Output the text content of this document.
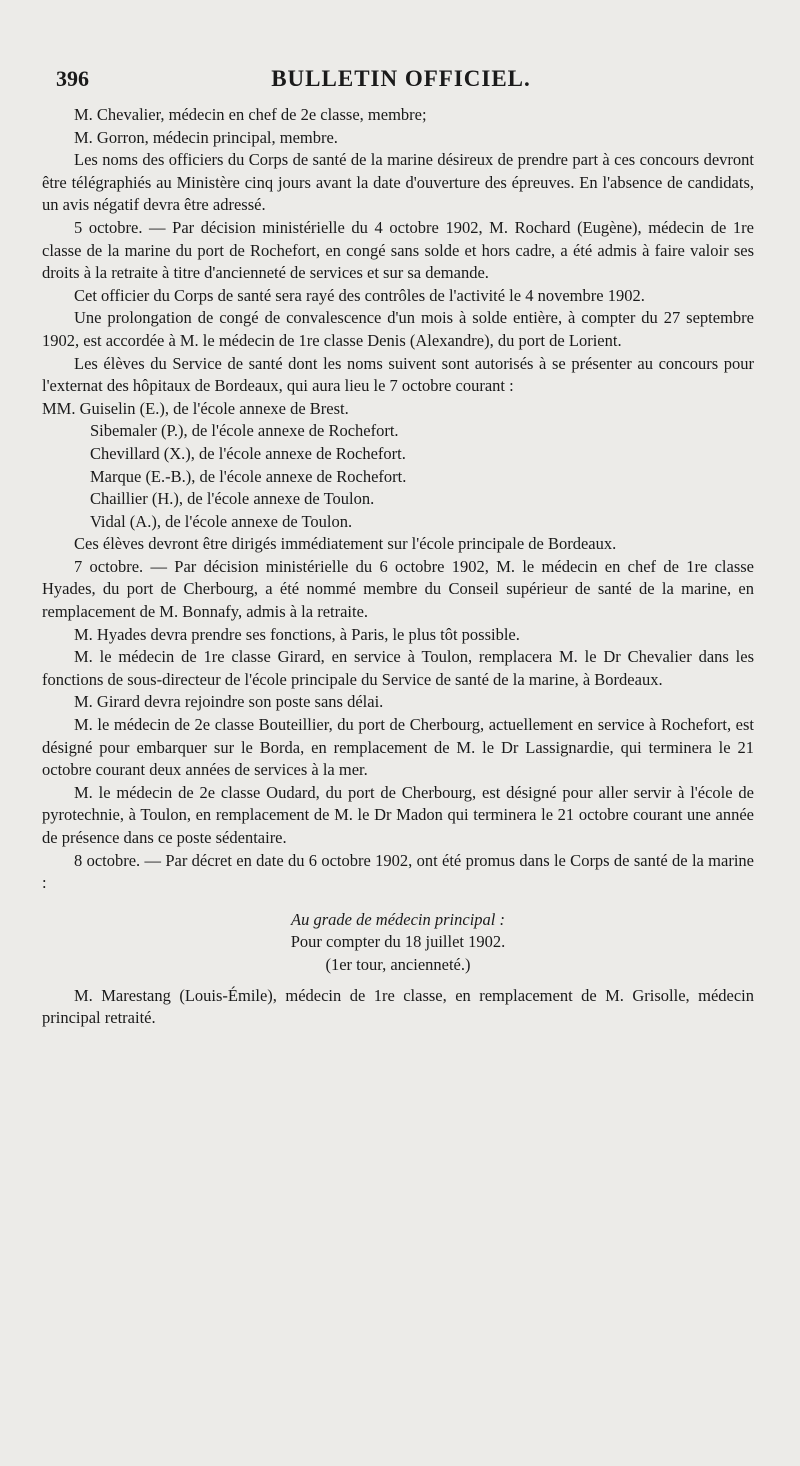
396	BULLETIN OFFICIEL.

M. Chevalier, médecin en chef de 2e classe, membre;

M. Gorron, médecin principal, membre.

Les noms des officiers du Corps de santé de la marine désireux de prendre part à ces concours devront être télégraphiés au Ministère cinq jours avant la date d'ouverture des épreuves. En l'absence de candidats, un avis négatif devra être adressé.

5 octobre. — Par décision ministérielle du 4 octobre 1902, M. Rochard (Eugène), médecin de 1re classe de la marine du port de Rochefort, en congé sans solde et hors cadre, a été admis à faire valoir ses droits à la retraite à titre d'ancienneté de services et sur sa demande.

Cet officier du Corps de santé sera rayé des contrôles de l'activité le 4 novembre 1902.

Une prolongation de congé de convalescence d'un mois à solde entière, à compter du 27 septembre 1902, est accordée à M. le médecin de 1re classe Denis (Alexandre), du port de Lorient.

Les élèves du Service de santé dont les noms suivent sont autorisés à se présenter au concours pour l'externat des hôpitaux de Bordeaux, qui aura lieu le 7 octobre courant :

MM. Guiselin (E.), de l'école annexe de Brest.
Sibemaler (P.), de l'école annexe de Rochefort.
Chevillard (X.), de l'école annexe de Rochefort.
Marque (E.-B.), de l'école annexe de Rochefort.
Chaillier (H.), de l'école annexe de Toulon.
Vidal (A.), de l'école annexe de Toulon.

Ces élèves devront être dirigés immédiatement sur l'école principale de Bordeaux.

7 octobre. — Par décision ministérielle du 6 octobre 1902, M. le médecin en chef de 1re classe Hyades, du port de Cherbourg, a été nommé membre du Conseil supérieur de santé de la marine, en remplacement de M. Bonnafy, admis à la retraite.

M. Hyades devra prendre ses fonctions, à Paris, le plus tôt possible.

M. le médecin de 1re classe Girard, en service à Toulon, remplacera M. le Dr Chevalier dans les fonctions de sous-directeur de l'école principale du Service de santé de la marine, à Bordeaux.

M. Girard devra rejoindre son poste sans délai.

M. le médecin de 2e classe Bouteillier, du port de Cherbourg, actuellement en service à Rochefort, est désigné pour embarquer sur le Borda, en remplacement de M. le Dr Lassignardie, qui terminera le 21 octobre courant deux années de services à la mer.

M. le médecin de 2e classe Oudard, du port de Cherbourg, est désigné pour aller servir à l'école de pyrotechnie, à Toulon, en remplacement de M. le Dr Madon qui terminera le 21 octobre courant une année de présence dans ce poste sédentaire.

8 octobre. — Par décret en date du 6 octobre 1902, ont été promus dans le Corps de santé de la marine :

Au grade de médecin principal :

Pour compter du 18 juillet 1902.

(1er tour, ancienneté.)

M. Marestang (Louis-Émile), médecin de 1re classe, en remplacement de M. Grisolle, médecin principal retraité.
